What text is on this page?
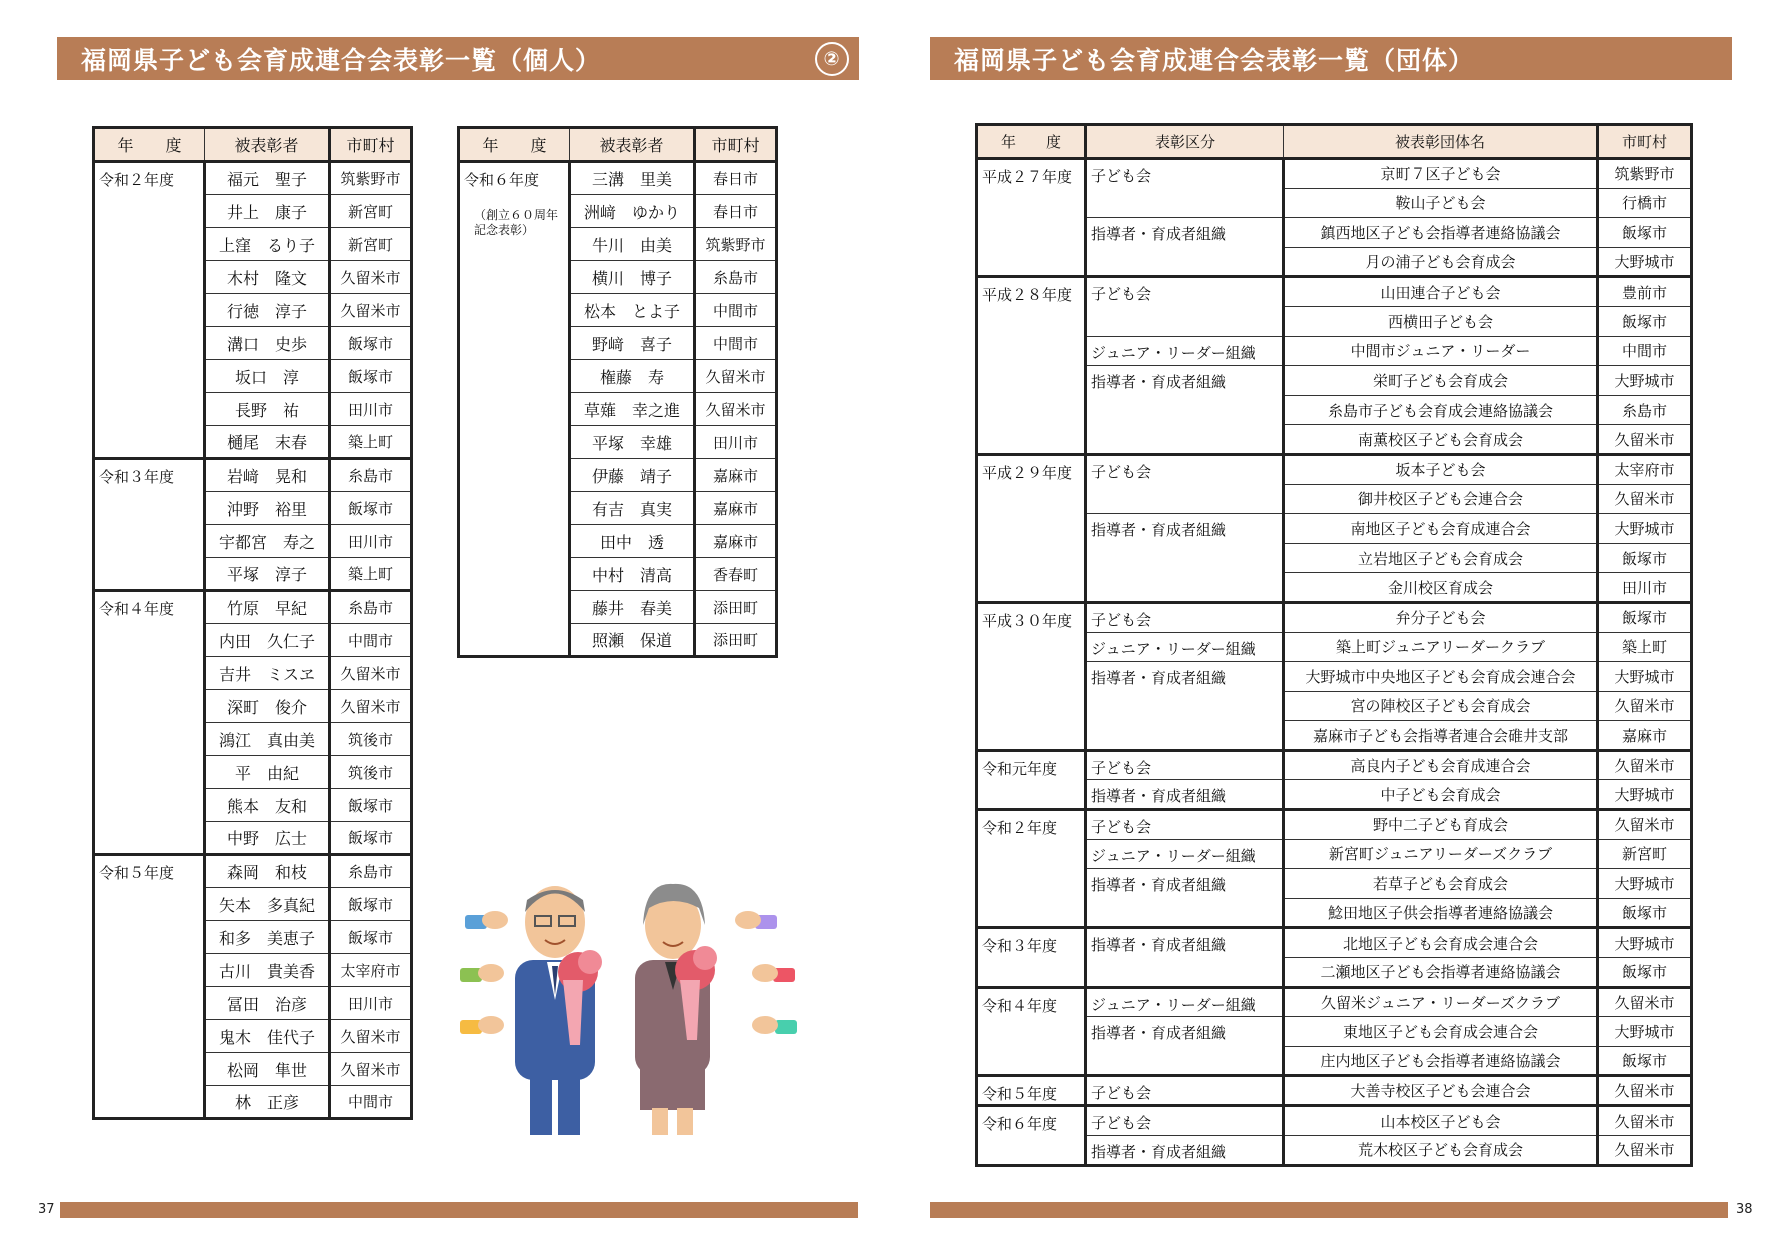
福岡県子ども会育成連合会表彰一覧（個人）	②	福岡県子ども会育成連合会表彰一覧（団体）
年　　度	被表彰者	市町村
令和２年度	福元　聖子	筑紫野市
	井上　康子	新宮町
	上窪　るり子	新宮町
	木村　隆文	久留米市
	行徳　淳子	久留米市
	溝口　史歩	飯塚市
	坂口　淳	飯塚市
	長野　祐	田川市
	樋尾　末春	築上町
令和３年度	岩﨑　晃和	糸島市
	沖野　裕里	飯塚市
	宇都宮　寿之	田川市
	平塚　淳子	築上町
令和４年度	竹原　早紀	糸島市
	内田　久仁子	中間市
	吉井　ミスヱ	久留米市
	深町　俊介	久留米市
	鴻江　真由美	筑後市
	平　由紀	筑後市
	熊本　友和	飯塚市
	中野　広士	飯塚市
令和５年度	森岡　和枝	糸島市
	矢本　多真紀	飯塚市
	和多　美恵子	飯塚市
	古川　貴美香	太宰府市
	冨田　治彦	田川市
	鬼木　佳代子	久留米市
	松岡　隼世	久留米市
	林　正彦	中間市
年　　度	被表彰者	市町村
令和６年度
（創立６０周年
記念表彰）	三溝　里美	春日市
	洲﨑　ゆかり	春日市
	牛川　由美	筑紫野市
	横川　博子	糸島市
	松本　とよ子	中間市
	野﨑　喜子	中間市
	権藤　寿	久留米市
	草薙　幸之進	久留米市
	平塚　幸雄	田川市
	伊藤　靖子	嘉麻市
	有吉　真実	嘉麻市
	田中　透	嘉麻市
	中村　清高	香春町
	藤井　春美	添田町
	照瀬　保道	添田町
年　　度	表彰区分	被表彰団体名	市町村
平成２７年度	子ども会	京町７区子ども会	筑紫野市
		鞍山子ども会	行橋市
	指導者・育成者組織	鎮西地区子ども会指導者連絡協議会	飯塚市
		月の浦子ども会育成会	大野城市
平成２８年度	子ども会	山田連合子ども会	豊前市
		西横田子ども会	飯塚市
	ジュニア・リーダー組織	中間市ジュニア・リーダー	中間市
	指導者・育成者組織	栄町子ども会育成会	大野城市
		糸島市子ども会育成会連絡協議会	糸島市
		南薫校区子ども会育成会	久留米市
平成２９年度	子ども会	坂本子ども会	太宰府市
		御井校区子ども会連合会	久留米市
	指導者・育成者組織	南地区子ども会育成連合会	大野城市
		立岩地区子ども会育成会	飯塚市
		金川校区育成会	田川市
平成３０年度	子ども会	弁分子ども会	飯塚市
	ジュニア・リーダー組織	築上町ジュニアリーダークラブ	築上町
	指導者・育成者組織	大野城市中央地区子ども会育成会連合会	大野城市
		宮の陣校区子ども会育成会	久留米市
		嘉麻市子ども会指導者連合会碓井支部	嘉麻市
令和元年度	子ども会	高良内子ども会育成連合会	久留米市
	指導者・育成者組織	中子ども会育成会	大野城市
令和２年度	子ども会	野中二子ども育成会	久留米市
	ジュニア・リーダー組織	新宮町ジュニアリーダーズクラブ	新宮町
	指導者・育成者組織	若草子ども会育成会	大野城市
		鯰田地区子供会指導者連絡協議会	飯塚市
令和３年度	指導者・育成者組織	北地区子ども会育成会連合会	大野城市
		二瀬地区子ども会指導者連絡協議会	飯塚市
令和４年度	ジュニア・リーダー組織	久留米ジュニア・リーダーズクラブ	久留米市
	指導者・育成者組織	東地区子ども会育成会連合会	大野城市
		庄内地区子ども会指導者連絡協議会	飯塚市
令和５年度	子ども会	大善寺校区子ども会連合会	久留米市
令和６年度	子ども会	山本校区子ども会	久留米市
	指導者・育成者組織	荒木校区子ども会育成会	久留米市
37	38
